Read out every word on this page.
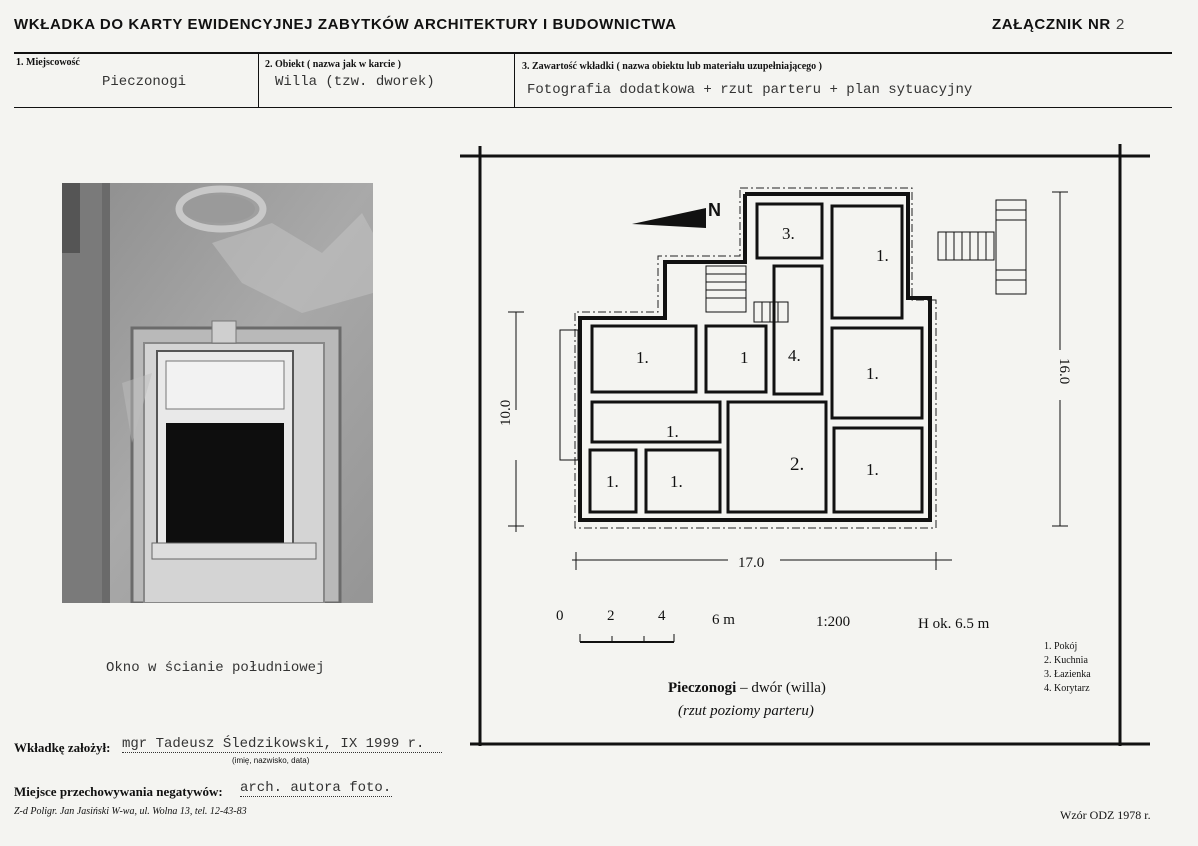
WKŁADKA DO KARTY EWIDENCYJNEJ ZABYTKÓW ARCHITEKTURY I BUDOWNICTWA	ZAŁĄCZNIK NR 2
1. Miejscowość
Pieczonogi
2. Obiekt ( nazwa jak w karcie )
Willa (tzw. dworek)
3. Zawartość wkładki ( nazwa obiektu lub materiału uzupełniającego )
Fotografia dodatkowa + rzut parteru + plan sytuacyjny
Okno w ścianie południowej
N
3.
1.
1.	1 4.
1.
1.
2.	1.
1.	1.
17.0
10.0
16.0
0	2	4	6 m	1:200	H ok. 6.5 m
1. Pokój
2. Kuchnia
3. Łazienka
4. Korytarz
Pieczonogi – dwór (willa)
(rzut poziomy parteru)
Wkładkę założył: mgr Tadeusz Śledzikowski, IX 1999 r.
(imię, nazwisko, data)
Miejsce przechowywania negatywów: arch. autora foto.
Z-d Poligr. Jan Jasiński W-wa, ul. Wolna 13, tel. 12-43-83	Wzór ODZ 1978 r.
